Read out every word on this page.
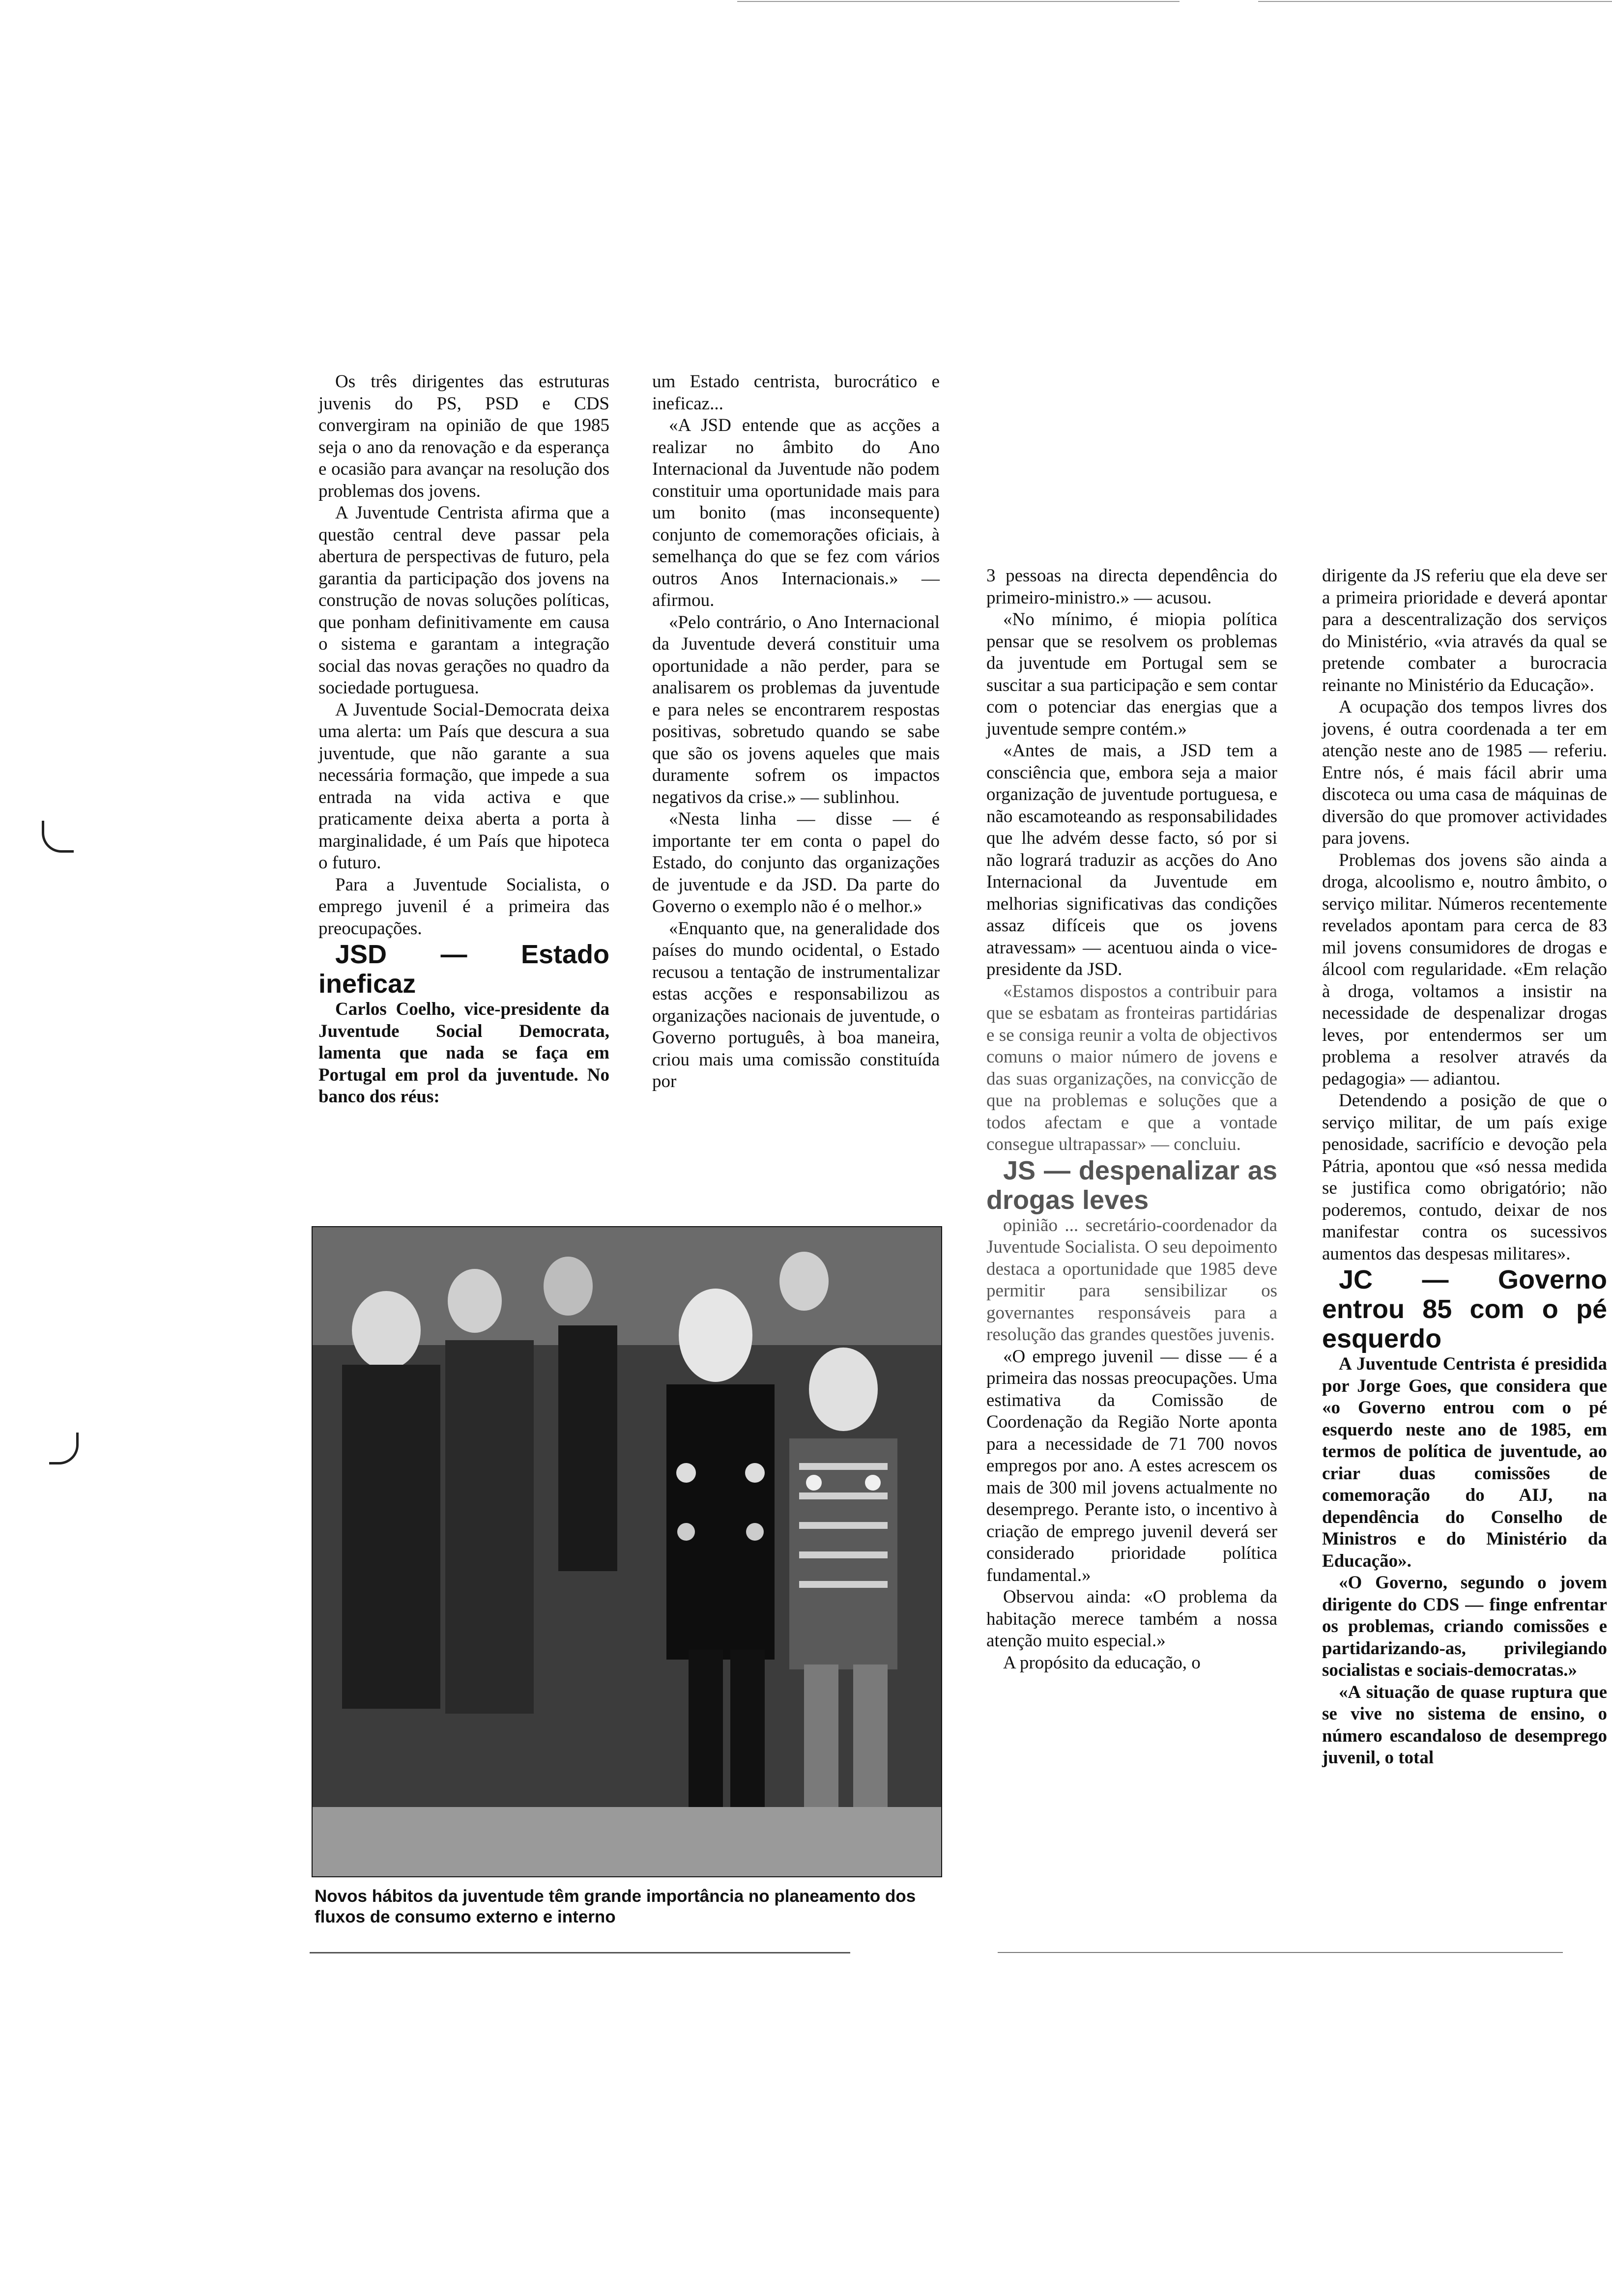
Os três dirigentes das estruturas juvenis do PS, PSD e CDS convergiram na opinião de que 1985 seja o ano da renovação e da esperança e ocasião para avançar na resolução dos problemas dos jovens.

A Juventude Centrista afirma que a questão central deve passar pela abertura de perspectivas de futuro, pela garantia da participação dos jovens na construção de novas soluções políticas, que ponham definitivamente em causa o sistema e garantam a integração social das novas gerações no quadro da sociedade portuguesa.

A Juventude Social-Democrata deixa uma alerta: um País que descura a sua juventude, que não garante a sua necessária formação, que impede a sua entrada na vida activa e que praticamente deixa aberta a porta à marginalidade, é um País que hipoteca o futuro.

Para a Juventude Socialista, o emprego juvenil é a primeira das preocupações.

JSD — Estado ineficaz

Carlos Coelho, vice-presidente da Juventude Social Democrata, lamenta que nada se faça em Portugal em prol da juventude. No banco dos réus:

um Estado centrista, burocrático e ineficaz...

«A JSD entende que as acções a realizar no âmbito do Ano Internacional da Juventude não podem constituir uma oportunidade mais para um bonito (mas inconsequente) conjunto de comemorações oficiais, à semelhança do que se fez com vários outros Anos Internacionais.» — afirmou.

«Pelo contrário, o Ano Internacional da Juventude deverá constituir uma oportunidade a não perder, para se analisarem os problemas da juventude e para neles se encontrarem respostas positivas, sobretudo quando se sabe que são os jovens aqueles que mais duramente sofrem os impactos negativos da crise.» — sublinhou.

«Nesta linha — disse — é importante ter em conta o papel do Estado, do conjunto das organizações de juventude e da JSD. Da parte do Governo o exemplo não é o melhor.»

«Enquanto que, na generalidade dos países do mundo ocidental, o Estado recusou a tentação de instrumentalizar estas acções e responsabilizou as organizações nacionais de juventude, o Governo português, à boa maneira, criou mais uma comissão constituída por

Novos hábitos da juventude têm grande importância no planeamento dos fluxos de consumo externo e interno

3 pessoas na directa dependência do primeiro-ministro.» — acusou.

«No mínimo, é miopia política pensar que se resolvem os problemas da juventude em Portugal sem se suscitar a sua participação e sem contar com o potenciar das energias que a juventude sempre contém.»

«Antes de mais, a JSD tem a consciência que, embora seja a maior organização de juventude portuguesa, e não escamoteando as responsabilidades que lhe advém desse facto, só por si não logrará traduzir as acções do Ano Internacional da Juventude em melhorias significativas das condições assaz difíceis que os jovens atravessam» — acentuou ainda o vice-presidente da JSD.

«Estamos dispostos a contribuir para que se esbatam as fronteiras partidárias e se consiga reunir a volta de objectivos comuns o maior número de jovens e das suas organizações, na convicção de que na problemas e soluções que a todos afectam e que a vontade consegue ultrapassar» — concluiu.

JS — despenalizar as drogas leves

opinião ... secretário-coordenador da Juventude Socialista. O seu depoimento destaca a oportunidade que 1985 deve permitir para sensibilizar os governantes responsáveis para a resolução das grandes questões juvenis.

«O emprego juvenil — disse — é a primeira das nossas preocupações. Uma estimativa da Comissão de Coordenação da Região Norte aponta para a necessidade de 71 700 novos empregos por ano. A estes acrescem os mais de 300 mil jovens actualmente no desemprego. Perante isto, o incentivo à criação de emprego juvenil deverá ser considerado prioridade política fundamental.»

Observou ainda: «O problema da habitação merece também a nossa atenção muito especial.»

A propósito da educação, o

dirigente da JS referiu que ela deve ser a primeira prioridade e deverá apontar para a descentralização dos serviços do Ministério, «via através da qual se pretende combater a burocracia reinante no Ministério da Educação».

A ocupação dos tempos livres dos jovens, é outra coordenada a ter em atenção neste ano de 1985 — referiu. Entre nós, é mais fácil abrir uma discoteca ou uma casa de máquinas de diversão do que promover actividades para jovens.

Problemas dos jovens são ainda a droga, alcoolismo e, noutro âmbito, o serviço militar. Números recentemente revelados apontam para cerca de 83 mil jovens consumidores de drogas e álcool com regularidade. «Em relação à droga, voltamos a insistir na necessidade de despenalizar drogas leves, por entendermos ser um problema a resolver através da pedagogia» — adiantou.

Detendendo a posição de que o serviço militar, de um país exige penosidade, sacrifício e devoção pela Pátria, apontou que «só nessa medida se justifica como obrigatório; não poderemos, contudo, deixar de nos manifestar contra os sucessivos aumentos das despesas militares».

JC — Governo entrou 85 com o pé esquerdo

A Juventude Centrista é presidida por Jorge Goes, que considera que «o Governo entrou com o pé esquerdo neste ano de 1985, em termos de política de juventude, ao criar duas comissões de comemoração do AIJ, na dependência do Conselho de Ministros e do Ministério da Educação».

«O Governo, segundo o jovem dirigente do CDS — finge enfrentar os problemas, criando comissões e partidarizando-as, privilegiando socialistas e sociais-democratas.»

«A situação de quase ruptura que se vive no sistema de ensino, o número escandaloso de desemprego juvenil, o total
